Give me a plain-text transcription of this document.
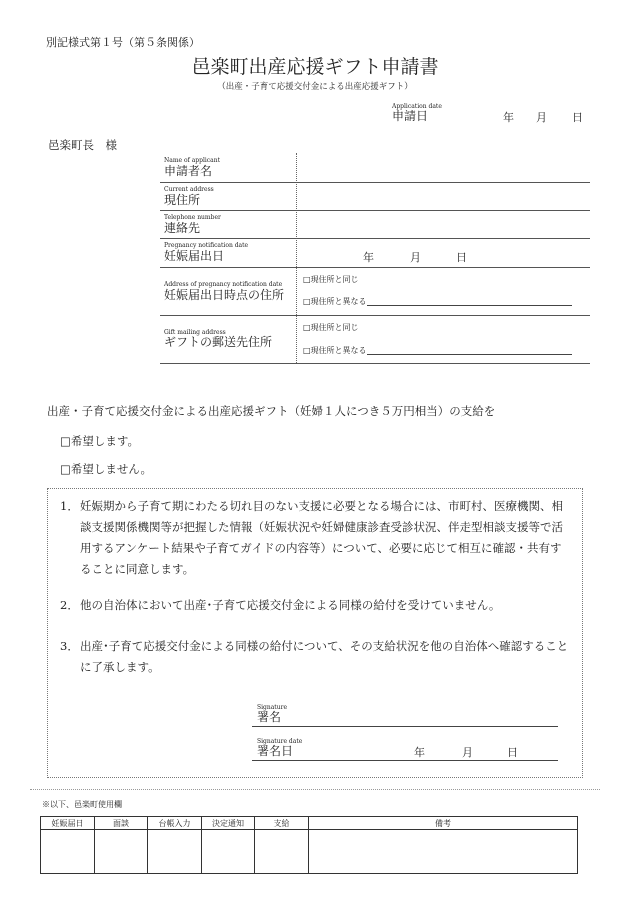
別記様式第１号（第５条関係）
邑楽町出産応援ギフト申請書
（出産・子育て応援交付金による出産応援ギフト）
Application date
申請日	年 月 日
邑楽町長　様
Name of applicant
申請者名
Current address
現住所
Telephone number
連絡先
Pregnancy notification date
妊娠届出日	年	月	日
Address of pregnancy notification date
妊娠届出日時点の住所
□現住所と同じ
□現住所と異なる
Gift mailing address
ギフトの郵送先住所
□現住所と同じ
□現住所と異なる
出産・子育て応援交付金による出産応援ギフト（妊婦１人につき５万円相当）の支給を
□希望します。
□希望しません。
1． 妊娠期から子育て期にわたる切れ目のない支援に必要となる場合には、市町村、医療機関、相談支援関係機関等が把握した情報（妊娠状況や妊婦健康診査受診状況、伴走型相談支援等で活用するアンケート結果や子育てガイドの内容等）について、必要に応じて相互に確認・共有することに同意します。
2． 他の自治体において出産･子育て応援交付金による同様の給付を受けていません。
3． 出産･子育て応援交付金による同様の給付について、その支給状況を他の自治体へ確認することに了承します。
Signature
署名
Signature date
署名日	年	月	日
※以下、邑楽町使用欄
妊娠届日	面談	台帳入力	決定通知	支給	備考
